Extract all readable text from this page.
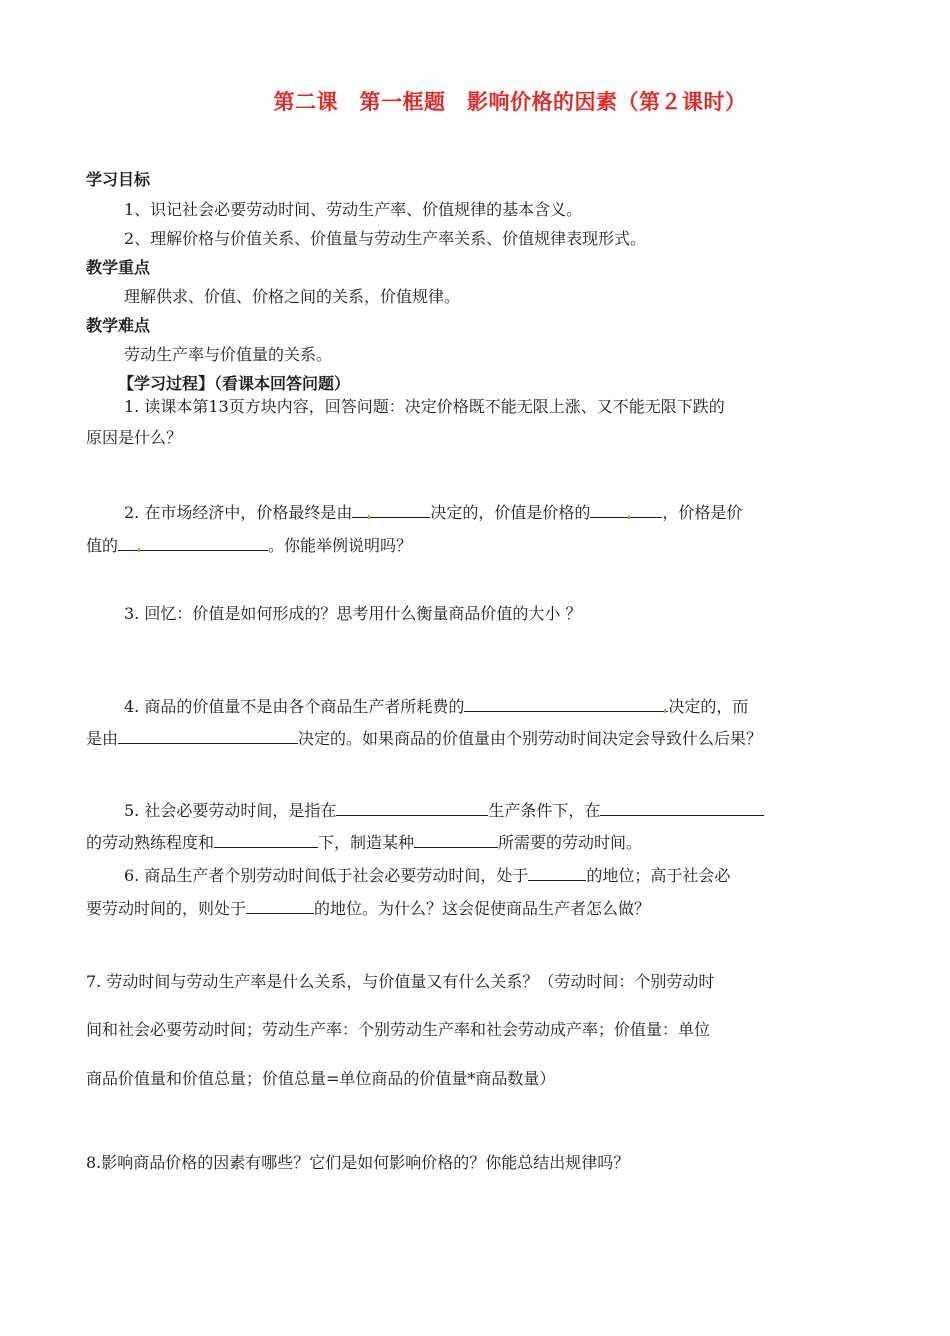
第二课　第一框题　影响价格的因素（第２课时）
学习目标
1、识记社会必要劳动时间、劳动生产率、价值规律的基本含义。
2、理解价格与价值关系、价值量与劳动生产率关系、价值规律表现形式。
教学重点
理解供求、价值、价格之间的关系，价值规律。
教学难点
劳动生产率与价值量的关系。
【学习过程】（看课本回答问题）
1. 读课本第13页方块内容，回答问题：决定价格既不能无限上涨、又不能无限下跌的
原因是什么？
2. 在市场经济中，价格最终是由	决定的，价值是价格的	，价格是价
值的	。你能举例说明吗？
3. 回忆：价值是如何形成的？思考用什么衡量商品价值的大小 ？
4. 商品的价值量不是由各个商品生产者所耗费的	决定的，而
是由	决定的。如果商品的价值量由个别劳动时间决定会导致什么后果？
5. 社会必要劳动时间，是指在	生产条件下，在
的劳动熟练程度和	下，制造某种	所需要的劳动时间。
6. 商品生产者个别劳动时间低于社会必要劳动时间，处于	的地位；高于社会必
要劳动时间的，则处于	的地位。为什么？这会促使商品生产者怎么做？
7. 劳动时间与劳动生产率是什么关系，与价值量又有什么关系？（劳动时间：个别劳动时
间和社会必要劳动时间；劳动生产率：个别劳动生产率和社会劳动成产率；价值量：单位
商品价值量和价值总量；价值总量=单位商品的价值量*商品数量）
8.影响商品价格的因素有哪些？它们是如何影响价格的？你能总结出规律吗？
